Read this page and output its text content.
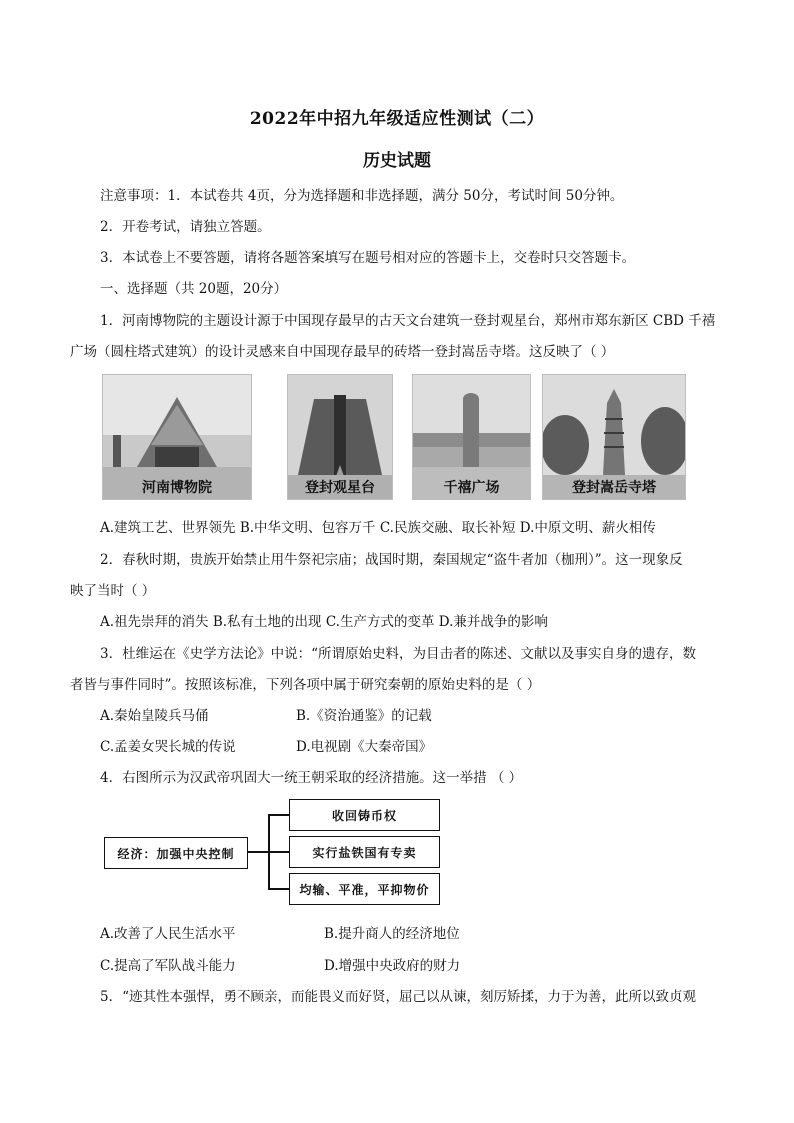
2022年中招九年级适应性测试（二）
历史试题
注意事项：1．本试卷共 4页，分为选择题和非选择题，满分 50分，考试时间 50分钟。
2．开卷考试，请独立答题。
3．本试卷上不要答题，请将各题答案填写在题号相对应的答题卡上，交卷时只交答题卡。
一、选择题（共 20题，20分）
1．河南博物院的主题设计源于中国现存最早的古天文台建筑一登封观星台，郑州市郑东新区 CBD 千禧
广场（圆柱塔式建筑）的设计灵感来自中国现存最早的砖塔一登封嵩岳寺塔。这反映了（ ）
河南博物院	登封观星台	千禧广场	登封嵩岳寺塔
A.建筑工艺、世界领先 B.中华文明、包容万千 C.民族交融、取长补短 D.中原文明、薪火相传
2．春秋时期，贵族开始禁止用牛祭祀宗庙；战国时期，秦国规定“盗牛者加（枷刑）”。这一现象反
映了当时（ ）
A.祖先崇拜的消失 B.私有土地的出现 C.生产方式的变革 D.兼并战争的影响
3．杜维运在《史学方法论》中说：“所谓原始史料，为目击者的陈述、文献以及事实自身的遗存，数
者皆与事件同时”。按照该标准，下列各项中属于研究秦朝的原始史料的是（ ）
A.秦始皇陵兵马俑	B.《资治通鉴》的记载
C.孟姜女哭长城的传说	D.电视剧《大秦帝国》
4．右图所示为汉武帝巩固大一统王朝采取的经济措施。这一举措 （ ）
经济：加强中央控制
收回铸币权
实行盐铁国有专卖
均输、平准，平抑物价
A.改善了人民生活水平	B.提升商人的经济地位
C.提高了军队战斗能力	D.增强中央政府的财力
5．“迹其性本强悍，勇不顾亲，而能畏义而好贤，屈己以从谏，刻厉矫揉，力于为善，此所以致贞观
